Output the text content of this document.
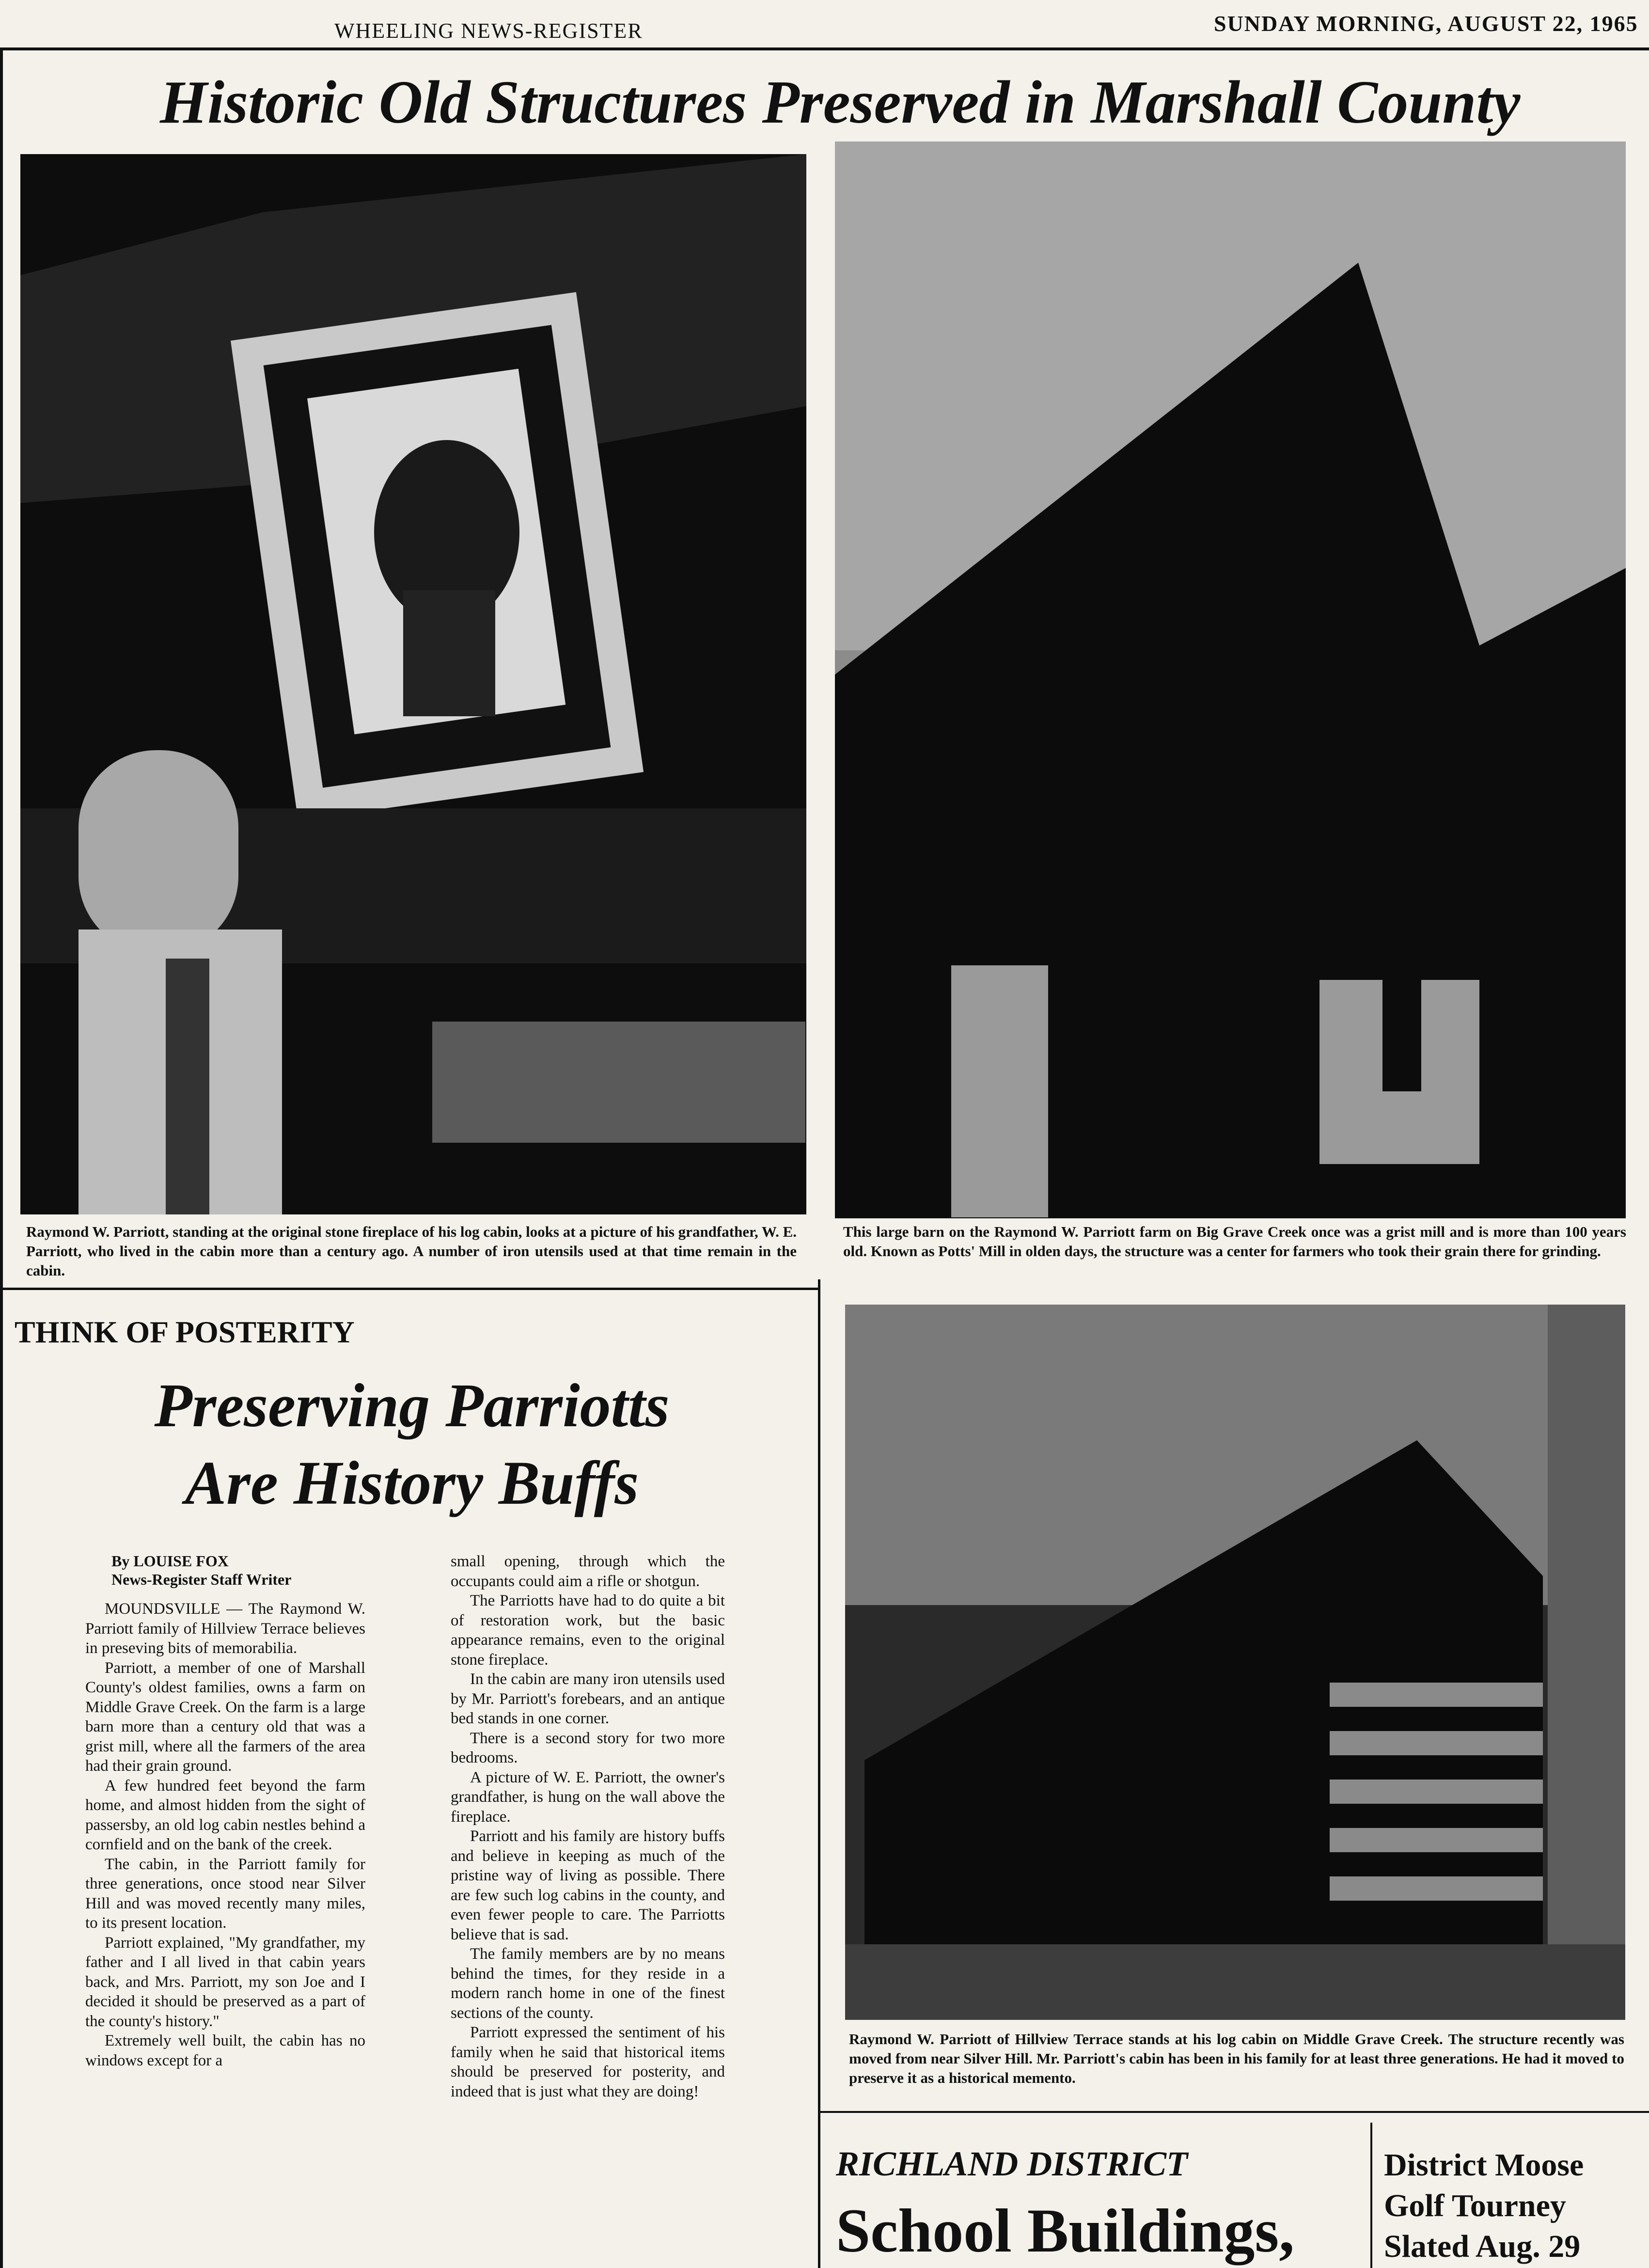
WHEELING NEWS-REGISTER	SUNDAY MORNING, AUGUST 22, 1965
Historic Old Structures Preserved in Marshall County
Raymond W. Parriott, standing at the original stone fireplace of his log cabin, looks at a picture of his grandfather, W. E. Parriott, who lived in the cabin more than a century ago. A number of iron utensils used at that time remain in the cabin.
This large barn on the Raymond W. Parriott farm on Big Grave Creek once was a grist mill and is more than 100 years old. Known as Potts' Mill in olden days, the structure was a center for farmers who took their grain there for grinding.
Raymond W. Parriott of Hillview Terrace stands at his log cabin on Middle Grave Creek. The structure recently was moved from near Silver Hill. Mr. Parriott's cabin has been in his family for at least three generations. He had it moved to preserve it as a historical memento.
THINK OF POSTERITY
Preserving Parriotts
Are History Buffs
By LOUISE FOX
News-Register Staff Writer

MOUNDSVILLE — The Raymond W. Parriott family of Hillview Terrace believes in preseving bits of memorabilia.

Parriott, a member of one of Marshall County's oldest families, owns a farm on Middle Grave Creek. On the farm is a large barn more than a century old that was a grist mill, where all the farmers of the area had their grain ground.

A few hundred feet beyond the farm home, and almost hidden from the sight of passersby, an old log cabin nestles behind a cornfield and on the bank of the creek.

The cabin, in the Parriott family for three generations, once stood near Silver Hill and was moved recently many miles, to its present location.

Parriott explained, "My grandfather, my father and I all lived in that cabin years back, and Mrs. Parriott, my son Joe and I decided it should be preserved as a part of the county's history."

Extremely well built, the cabin has no windows except for a

small opening, through which the occupants could aim a rifle or shotgun.

The Parriotts have had to do quite a bit of restoration work, but the basic appearance remains, even to the original stone fireplace.

In the cabin are many iron utensils used by Mr. Parriott's forebears, and an antique bed stands in one corner.

There is a second story for two more bedrooms.

A picture of W. E. Parriott, the owner's grandfather, is hung on the wall above the fireplace.

Parriott and his family are history buffs and believe in keeping as much of the pristine way of living as possible. There are few such log cabins in the county, and even fewer people to care. The Parriotts believe that is sad.

The family members are by no means behind the times, for they reside in a modern ranch home in one of the finest sections of the county.

Parriott expressed the sentiment of his family when he said that historical items should be preserved for posterity, and indeed that is just what they are doing!

RICHLAND DISTRICT
School Buildings,
District Moose
Golf Tourney
Slated Aug. 29
